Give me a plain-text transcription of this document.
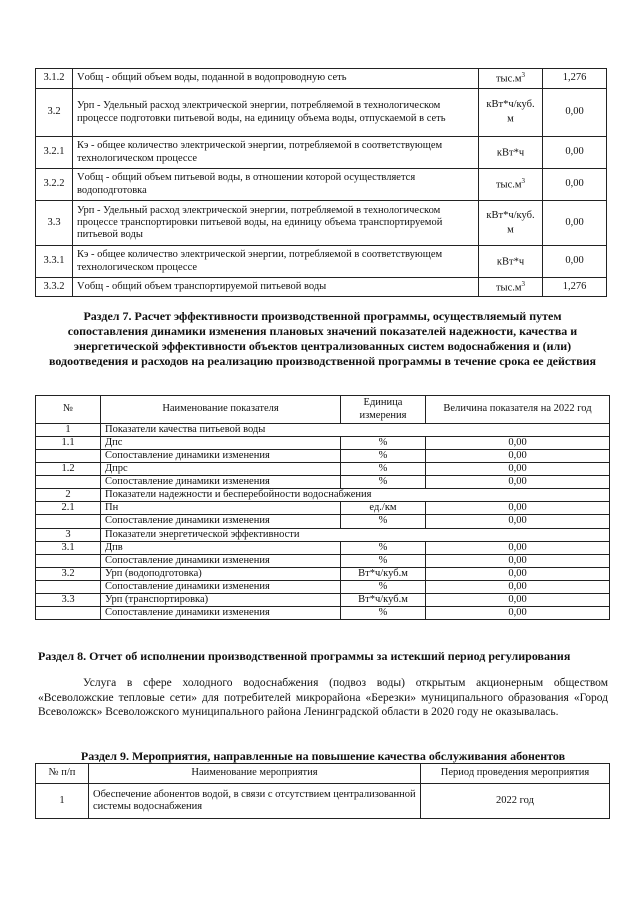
3.1.2	Vобщ - общий объем воды, поданной в водопроводную сеть	$тыс.м^3$	1,276
3.2	Урп - Удельный расход электрической энергии, потребляемой в технологическом процессе подготовки питьевой воды, на единицу объема воды, отпускаемой в сеть	кВт*ч/куб. м	0,00
3.2.1	Кэ - общее количество электрической энергии, потребляемой в соответствующем технологическом процессе	кВт*ч	0,00
3.2.2	Vобщ - общий объем питьевой воды, в отношении которой осуществляется водоподготовка	$тыс.м^3$	0,00
3.3	Урп - Удельный расход электрической энергии, потребляемой в технологическом процессе транспортировки питьевой воды, на единицу объема транспортируемой питьевой воды	кВт*ч/куб. м	0,00
3.3.1	Кэ - общее количество электрической энергии, потребляемой в соответствующем технологическом процессе	кВт*ч	0,00
3.3.2	Vобщ - общий объем транспортируемой питьевой воды	$тыс.м^3$	1,276
Раздел 7. Расчет эффективности производственной программы, осуществляемый путем сопоставления динамики изменения плановых значений показателей надежности, качества и энергетической эффективности объектов централизованных систем водоснабжения и (или) водоотведения и расходов на реализацию производственной программы в течение срока ее действия
№	Наименование показателя	Единица измерения	Величина показателя на 2022 год
1	Показатели качества питьевой воды		
1.1	Дпс	%	0,00
	Сопоставление динамики изменения	%	0,00
1.2	Дпрс	%	0,00
	Сопоставление динамики изменения	%	0,00
2	Показатели надежности и бесперебойности водоснабжения		
2.1	Пн	ед./км	0,00
	Сопоставление динамики изменения	%	0,00
3	Показатели энергетической эффективности		
3.1	Дпв	%	0,00
	Сопоставление динамики изменения	%	0,00
3.2	Урп (водоподготовка)	Вт*ч/куб.м	0,00
	Сопоставление динамики изменения	%	0,00
3.3	Урп (транспортировка)	Вт*ч/куб.м	0,00
	Сопоставление динамики изменения	%	0,00
Раздел 8. Отчет об исполнении производственной программы за истекший период регулирования
Услуга в сфере холодного водоснабжения (подвоз воды) открытым акционерным обществом «Всеволожские тепловые сети» для потребителей микрорайона «Березки» муниципального образования «Город Всеволожск» Всеволожского муниципального района Ленинградской области в 2020 году не оказывалась.
Раздел 9. Мероприятия, направленные на повышение качества обслуживания абонентов
№ п/п	Наименование мероприятия	Период проведения мероприятия
1	Обеспечение абонентов водой, в связи с отсутствием централизованной системы водоснабжения	2022 год
